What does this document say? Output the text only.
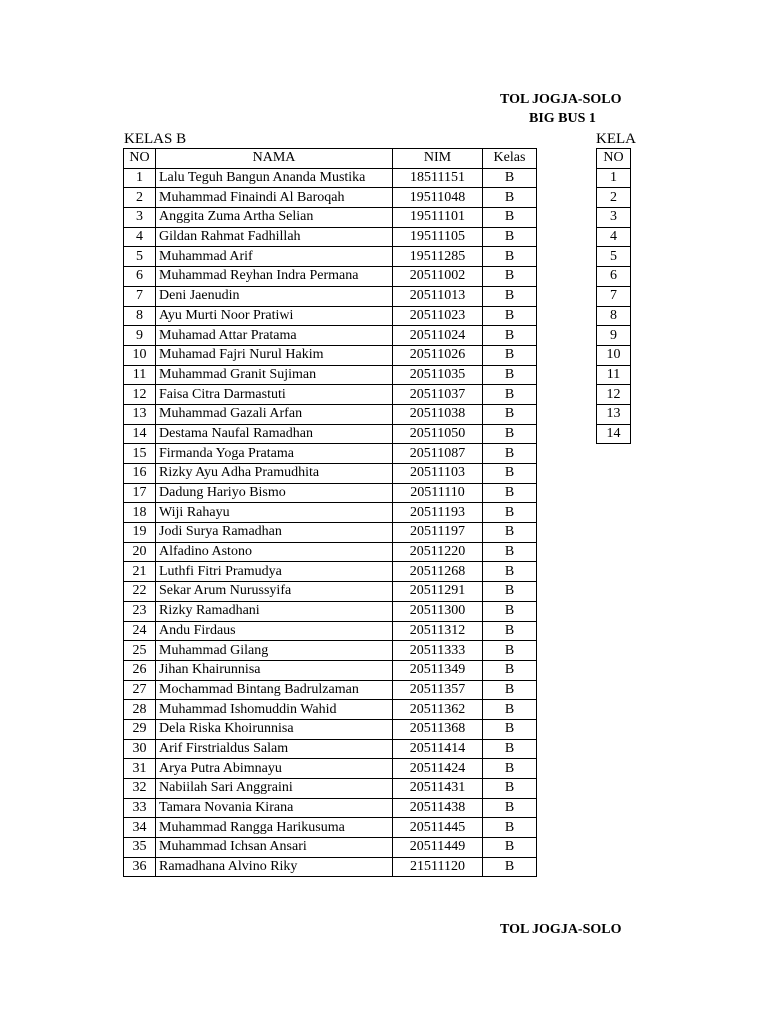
TOL JOGJA-SOLO
BIG BUS 1
KELAS B	KELA
NO	NAMA	NIM	Kelas
1	Lalu Teguh Bangun Ananda Mustika	18511151	B
2	Muhammad Finaindi Al Baroqah	19511048	B
3	Anggita Zuma Artha Selian	19511101	B
4	Gildan Rahmat Fadhillah	19511105	B
5	Muhammad Arif	19511285	B
6	Muhammad Reyhan Indra Permana	20511002	B
7	Deni Jaenudin	20511013	B
8	Ayu Murti Noor Pratiwi	20511023	B
9	Muhamad Attar Pratama	20511024	B
10	Muhamad Fajri Nurul Hakim	20511026	B
11	Muhammad Granit Sujiman	20511035	B
12	Faisa Citra Darmastuti	20511037	B
13	Muhammad Gazali Arfan	20511038	B
14	Destama Naufal Ramadhan	20511050	B
15	Firmanda Yoga Pratama	20511087	B
16	Rizky Ayu Adha Pramudhita	20511103	B
17	Dadung Hariyo Bismo	20511110	B
18	Wiji Rahayu	20511193	B
19	Jodi Surya Ramadhan	20511197	B
20	Alfadino Astono	20511220	B
21	Luthfi Fitri Pramudya	20511268	B
22	Sekar Arum Nurussyifa	20511291	B
23	Rizky Ramadhani	20511300	B
24	Andu Firdaus	20511312	B
25	Muhammad Gilang	20511333	B
26	Jihan Khairunnisa	20511349	B
27	Mochammad Bintang Badrulzaman	20511357	B
28	Muhammad Ishomuddin Wahid	20511362	B
29	Dela Riska Khoirunnisa	20511368	B
30	Arif Firstrialdus Salam	20511414	B
31	Arya Putra Abimnayu	20511424	B
32	Nabiilah Sari Anggraini	20511431	B
33	Tamara Novania Kirana	20511438	B
34	Muhammad Rangga Harikusuma	20511445	B
35	Muhammad Ichsan Ansari	20511449	B
36	Ramadhana Alvino Riky	21511120	B
NO
1
2
3
4
5
6
7
8
9
10
11
12
13
14
TOL JOGJA-SOLO
